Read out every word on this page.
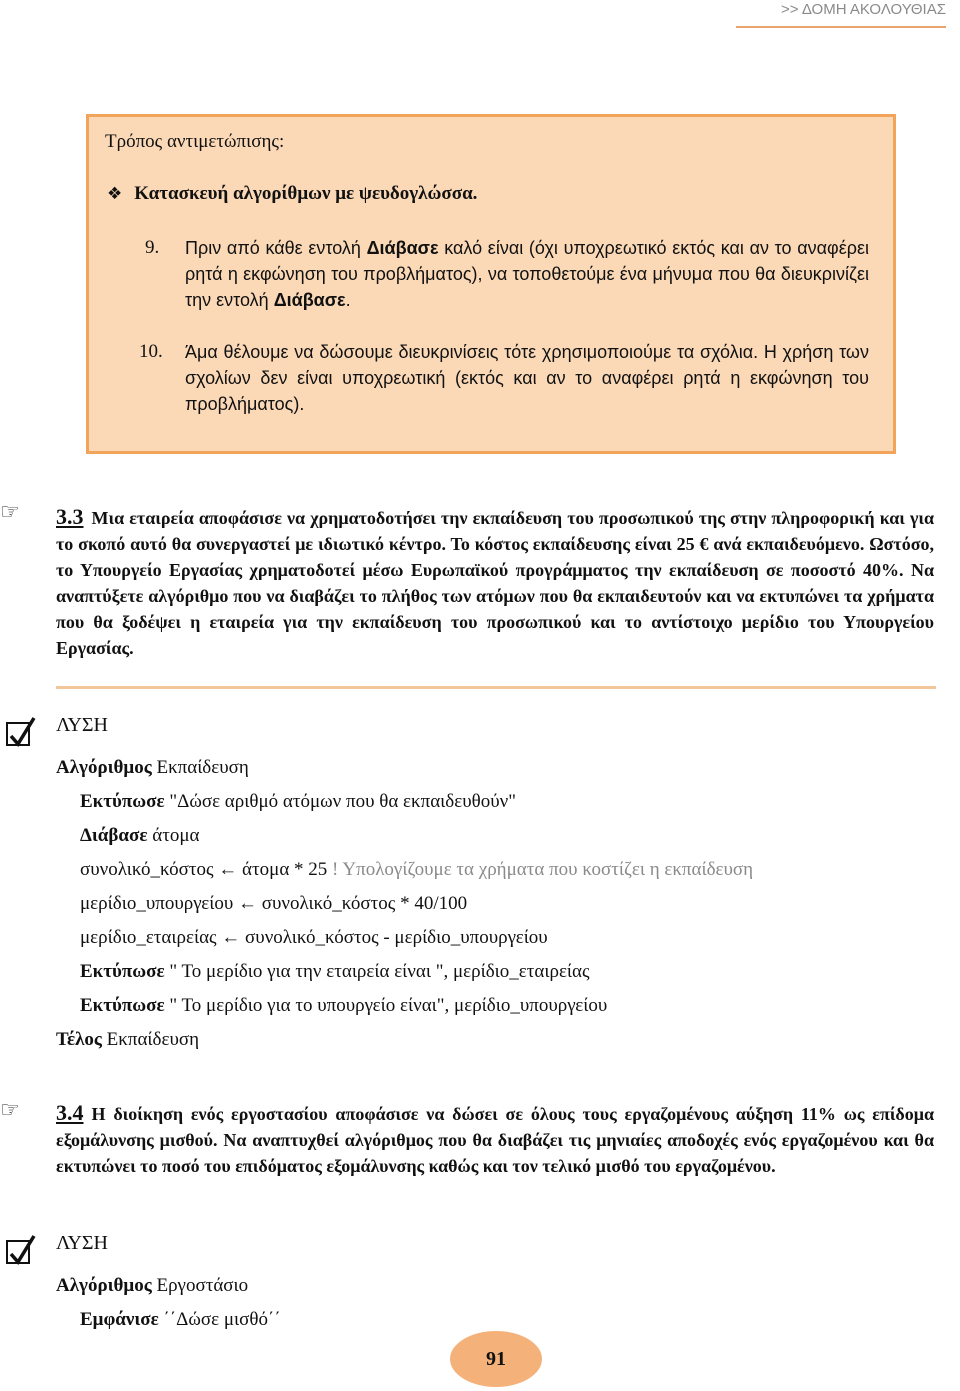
>> ΔΟΜΗ ΑΚΟΛΟΥΘΙΑΣ
Τρόπος αντιμετώπισης:
❖ Κατασκευή αλγορίθμων με ψευδογλώσσα.
9. Πριν από κάθε εντολή Διάβασε καλό είναι (όχι υποχρεωτικό εκτός και αν το αναφέρει ρητά η εκφώνηση του προβλήματος), να τοποθετούμε ένα μήνυμα που θα διευκρινίζει την εντολή Διάβασε.
10. Άμα θέλουμε να δώσουμε διευκρινίσεις τότε χρησιμοποιούμε τα σχόλια. Η χρήση των σχολίων δεν είναι υποχρεωτική (εκτός και αν το αναφέρει ρητά η εκφώνηση του προβλήματος).
☞ 3.3 Μια εταιρεία αποφάσισε να χρηματοδοτήσει την εκπαίδευση του προσωπικού της στην πληροφορική και για το σκοπό αυτό θα συνεργαστεί με ιδιωτικό κέντρο. Το κόστος εκπαίδευσης είναι 25 € ανά εκπαιδευόμενο. Ωστόσο, το Υπουργείο Εργασίας χρηματοδοτεί μέσω Ευρωπαϊκού προγράμματος την εκπαίδευση σε ποσοστό 40%. Να αναπτύξετε αλγόριθμο που να διαβάζει το πλήθος των ατόμων που θα εκπαιδευτούν και να εκτυπώνει τα χρήματα που θα ξοδέψει η εταιρεία για την εκπαίδευση του προσωπικού και το αντίστοιχο μερίδιο του Υπουργείου Εργασίας.
ΛΥΣΗ
Αλγόριθμος Εκπαίδευση
Εκτύπωσε "Δώσε αριθμό ατόμων που θα εκπαιδευθούν"
Διάβασε άτομα
συνολικό_κόστος ← άτομα * 25 ! Υπολογίζουμε τα χρήματα που κοστίζει η εκπαίδευση
μερίδιο_υπουργείου ← συνολικό_κόστος * 40/100
μερίδιο_εταιρείας ← συνολικό_κόστος - μερίδιο_υπουργείου
Εκτύπωσε " Το μερίδιο για την εταιρεία είναι ", μερίδιο_εταιρείας
Εκτύπωσε " Το μερίδιο για το υπουργείο είναι", μερίδιο_υπουργείου
Τέλος Εκπαίδευση
☞ 3.4 Η διοίκηση ενός εργοστασίου αποφάσισε να δώσει σε όλους τους εργαζομένους αύξηση 11% ως επίδομα εξομάλυνσης μισθού. Να αναπτυχθεί αλγόριθμος που θα διαβάζει τις μηνιαίες αποδοχές ενός εργαζομένου και θα εκτυπώνει το ποσό του επιδόματος εξομάλυνσης καθώς και τον τελικό μισθό του εργαζομένου.
ΛΥΣΗ
Αλγόριθμος Εργοστάσιο
Εμφάνισε ΄΄Δώσε μισθό΄΄
91
